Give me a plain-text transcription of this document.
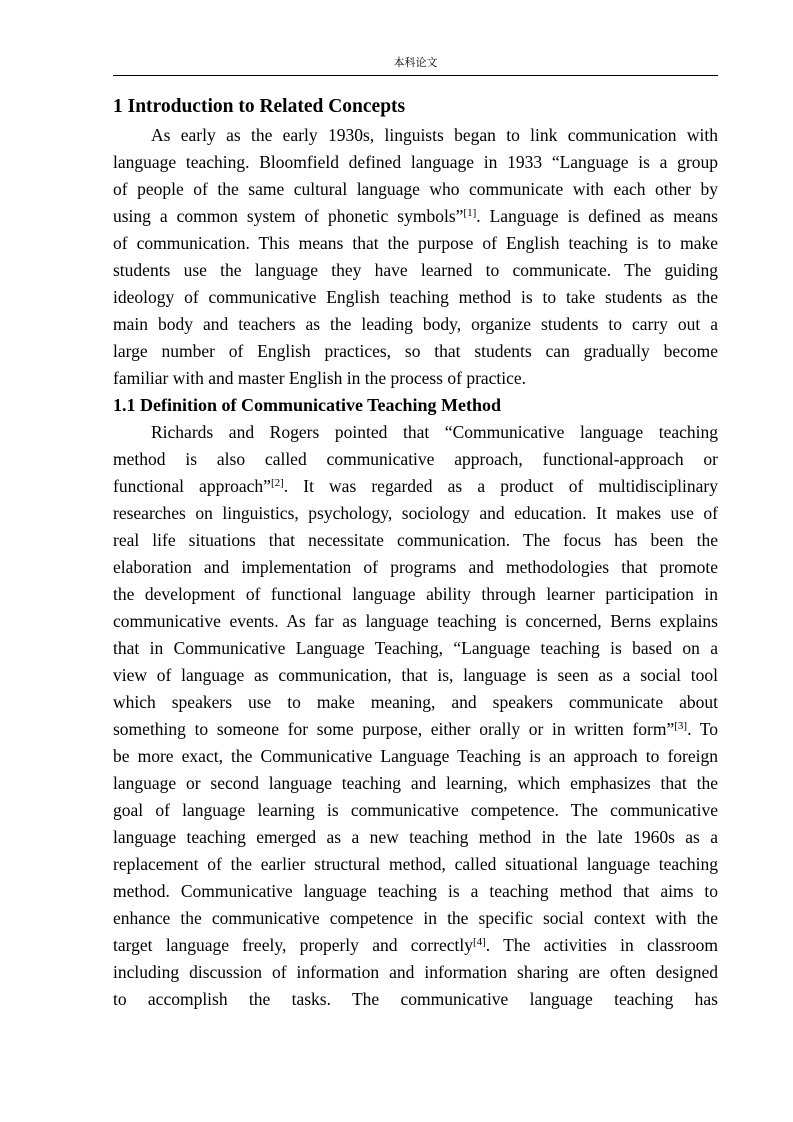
本科论文
1 Introduction to Related Concepts
As early as the early 1930s, linguists began to link communication with
language teaching. Bloomfield defined language in 1933 “Language is a group
of people of the same cultural language who communicate with each other by
using a common system of phonetic symbols”[1]. Language is defined as means
of communication. This means that the purpose of English teaching is to make
students use the language they have learned to communicate. The guiding
ideology of communicative English teaching method is to take students as the
main body and teachers as the leading body, organize students to carry out a
large number of English practices, so that students can gradually become
familiar with and master English in the process of practice.
1.1 Definition of Communicative Teaching Method
Richards and Rogers pointed that “Communicative language teaching
method is also called communicative approach, functional-approach or
functional approach”[2]. It was regarded as a product of multidisciplinary
researches on linguistics, psychology, sociology and education. It makes use of
real life situations that necessitate communication. The focus has been the
elaboration and implementation of programs and methodologies that promote
the development of functional language ability through learner participation in
communicative events. As far as language teaching is concerned, Berns explains
that in Communicative Language Teaching, “Language teaching is based on a
view of language as communication, that is, language is seen as a social tool
which speakers use to make meaning, and speakers communicate about
something to someone for some purpose, either orally or in written form”[3]. To
be more exact, the Communicative Language Teaching is an approach to foreign
language or second language teaching and learning, which emphasizes that the
goal of language learning is communicative competence. The communicative
language teaching emerged as a new teaching method in the late 1960s as a
replacement of the earlier structural method, called situational language teaching
method. Communicative language teaching is a teaching method that aims to
enhance the communicative competence in the specific social context with the
target language freely, properly and correctly[4]. The activities in classroom
including discussion of information and information sharing are often designed
to accomplish the tasks. The communicative language teaching has
